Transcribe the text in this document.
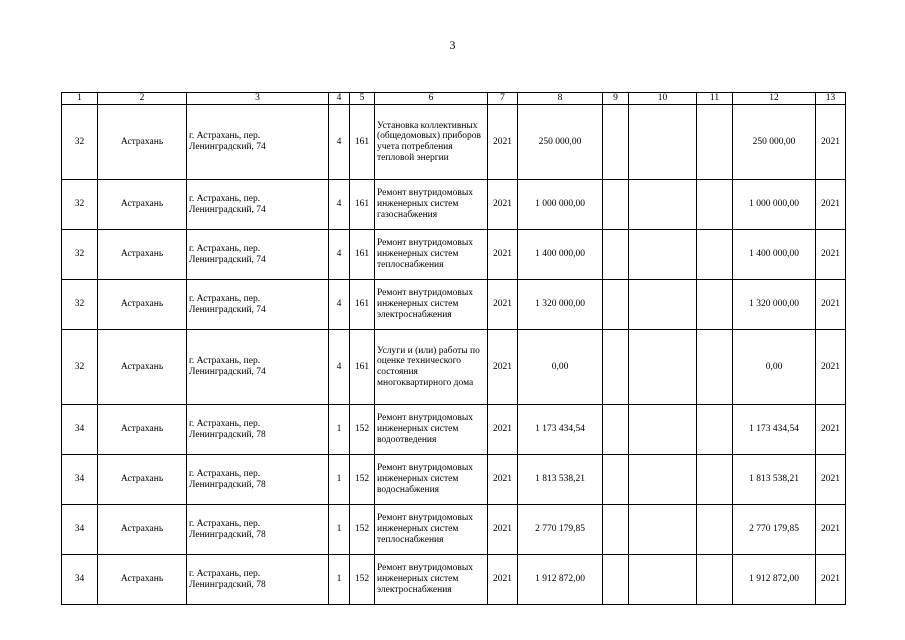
3
1	2	3	4	5	6	7	8	9	10	11	12	13
32	Астрахань	г. Астрахань, пер. Ленинградский, 74	4	161	Установка коллективных (общедомовых) приборов учета потребления тепловой энергии	2021	250 000,00				250 000,00	2021
32	Астрахань	г. Астрахань, пер. Ленинградский, 74	4	161	Ремонт внутридомовых инженерных систем газоснабжения	2021	1 000 000,00				1 000 000,00	2021
32	Астрахань	г. Астрахань, пер. Ленинградский, 74	4	161	Ремонт внутридомовых инженерных систем теплоснабжения	2021	1 400 000,00				1 400 000,00	2021
32	Астрахань	г. Астрахань, пер. Ленинградский, 74	4	161	Ремонт внутридомовых инженерных систем электроснабжения	2021	1 320 000,00				1 320 000,00	2021
32	Астрахань	г. Астрахань, пер. Ленинградский, 74	4	161	Услуги и (или) работы по оценке технического состояния многоквартирного дома	2021	0,00				0,00	2021
34	Астрахань	г. Астрахань, пер. Ленинградский, 78	1	152	Ремонт внутридомовых инженерных систем водоотведения	2021	1 173 434,54				1 173 434,54	2021
34	Астрахань	г. Астрахань, пер. Ленинградский, 78	1	152	Ремонт внутридомовых инженерных систем водоснабжения	2021	1 813 538,21				1 813 538,21	2021
34	Астрахань	г. Астрахань, пер. Ленинградский, 78	1	152	Ремонт внутридомовых инженерных систем теплоснабжения	2021	2 770 179,85				2 770 179,85	2021
34	Астрахань	г. Астрахань, пер. Ленинградский, 78	1	152	Ремонт внутридомовых инженерных систем электроснабжения	2021	1 912 872,00				1 912 872,00	2021
